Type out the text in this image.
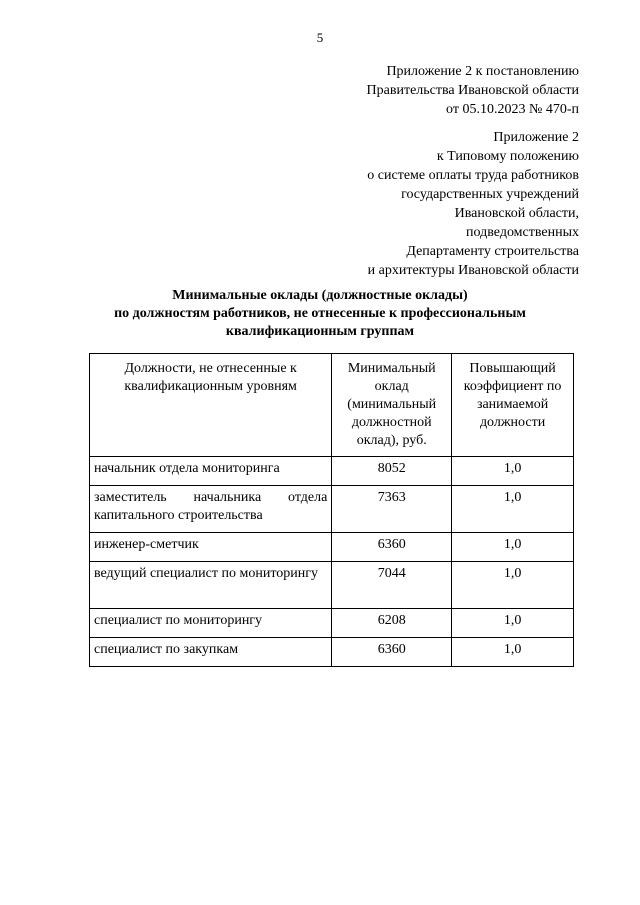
5
Приложение 2 к постановлению
Правительства Ивановской области
от 05.10.2023 № 470-п
Приложение 2
к Типовому положению
о системе оплаты труда работников
государственных учреждений
Ивановской области,
подведомственных
Департаменту строительства
и архитектуры Ивановской области
Минимальные оклады (должностные оклады)
по должностям работников, не отнесенные к профессиональным
квалификационным группам
Должности, не отнесенные к квалификационным уровням	Минимальный оклад (минимальный должностной оклад), руб.	Повышающий коэффициент по занимаемой должности
начальник отдела мониторинга	8052	1,0
заместитель начальника отдела капитального строительства	7363	1,0
инженер-сметчик	6360	1,0
ведущий специалист по мониторингу	7044	1,0
специалист по мониторингу	6208	1,0
специалист по закупкам	6360	1,0
